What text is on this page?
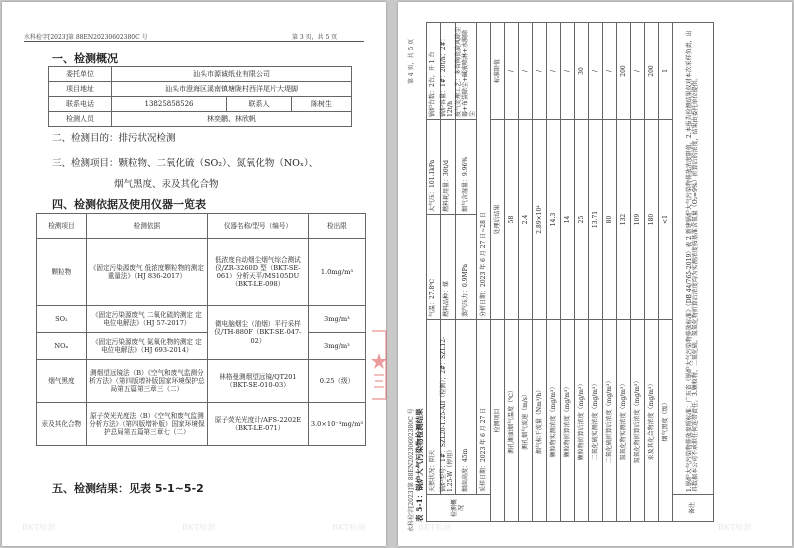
水科检字[2023]第 88EN20230602380C 号	第 3 页，共 5 页
一、检测概况
委托单位	汕头市源诚纸业有限公司		
项目地址	汕头市澄海区溪南镇塘陇村西洋尾片大堤脚		
联系电话	13825858526	联系人	陈树生
检测人员	林奕鹏、林欣帆		
二、检测目的：排污状况检测
三、检测项目：颗粒物、二氧化硫（SO₂）、氮氧化物（NOₓ）、
烟气黑度、汞及其化合物
四、检测依据及使用仪器一览表
检测项目	检测依据	仪器名称/型号（编号）	检出限
颗粒物	《固定污染源废气 低浓度颗粒物的测定 重量法》（HJ 836-2017）	低浓度自动烟尘烟气综合测试仪/ZR-3260D 型（BKT-SE-061）分析天平/MS105DU（BKT-LE-098）	1.0mg/m³
SO₂	《固定污染源废气 二氧化硫的测定 定电位电解法》（HJ 57-2017）	微电脑烟尘（油烟）平行采样仪/TH-880F（BKT-SE-047-02）	3mg/m³
NOₓ	《固定污染源废气 氮氧化物的测定 定电位电解法》（HJ 693-2014）		3mg/m³
烟气黑度	测烟望远镜法（B）《空气和废气监测分析方法》（第四版增补版国家环境保护总局第五篇第三章三（二）	林格曼测烟望远镜/QT201（BKT-SE-010-03）	0.25（级）
汞及其化合物	原子荧光光度法（B）《空气和废气监测分析方法》（第四版增补版）国家环境保护总局第五篇第三章七（二）	原子荧光光度计/AFS-2202E（BKT-LE-071）	3.0×10⁻³mg/m³
五、检测结果：见表 5-1~5-2
BKT检测	BKT检测	BKT检测	水科检字[2023]第 88EN20230602380C 号
第 4 页，共 5 页
表 5-1：锅炉大气污染物检测结果	检测概况	天然状况：阴天	气温：27.8℃	大气压：101.1kPa	锅炉台数：2台，开 1 台
	锅炉型号：1#：SZL20-1.25-AII（检测）；2#：SZL12-1.25-W（停用）	燃料品种：煤	燃料耗用量：30t/d	锅炉容量：1#：20t/h；2#：12t/h
	烟囱高度：45m	蒸汽压力：0.9MPa	烟气含湿量：9.96%	废气处理工艺：多管陶瓷旋风除尘器+布袋除尘+碱液喷淋+水膜除尘
	采样日期：2023 年 6 月 27 日	分析日期：2023 年 6 月 27 日~28 日		
检测项目		处理后结果		标准限值
测孔断面烟气温度（℃）		58		/
测孔烟气流速（m/s）		2.4		/
烟气标干流量（Nm³/h）		2.89×10⁴		/
颗粒物实测浓度（mg/m³）		14.3		/
颗粒物折算浓度（mg/m³）		14		/
颗粒物折算后浓度（mg/m³）		25		30
二氧化硫实测浓度（mg/m³）		13.71		/
二氧化硫折算后浓度（mg/m³）		80		/
氮氧化物实测浓度（mg/m³）		132		200
氮氧化物折算后浓度（mg/m³）		109		/
汞及其化合物浓度（mg/m³）		180		200
烟气黑度（级）		<1		1
备注	1.锅炉大气污染物排放参照标准：广东省《锅炉大气污染物排放标准》（DB 44/765-2019）表 2 新建锅炉大气污染物排放浓度限值。2.本报告检测结果仅对本次采样负责，出具数据本公司不承担任何连带责任。3.颗粒物、二氧化硫、氮氧化物折算后浓度均为实测浓度按基准含氧量（O₂=9%）折算后的浓度，结果由委托单位提供。			
BKT检测	BKT检测
